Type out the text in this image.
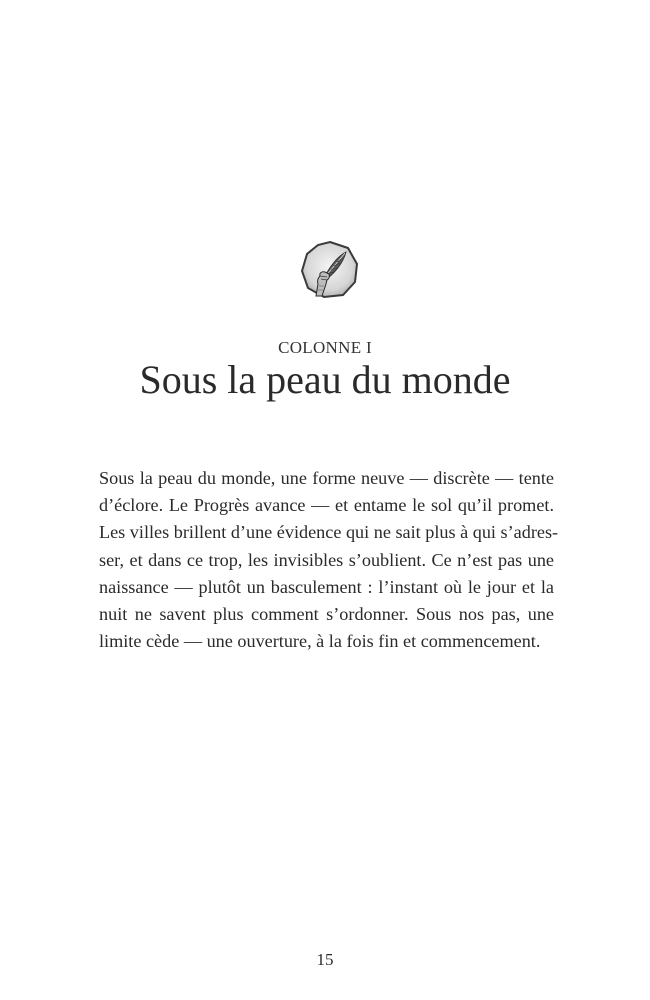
COLONNE I
Sous la peau du monde
Sous la peau du monde, une forme neuve — discrète — tente
d’éclore. Le Progrès avance — et entame le sol qu’il promet.
Les villes brillent d’une évidence qui ne sait plus à qui s’adres-
ser, et dans ce trop, les invisibles s’oublient. Ce n’est pas une
naissance — plutôt un basculement : l’instant où le jour et la
nuit ne savent plus comment s’ordonner. Sous nos pas, une
limite cède — une ouverture, à la fois fin et commencement.
15
